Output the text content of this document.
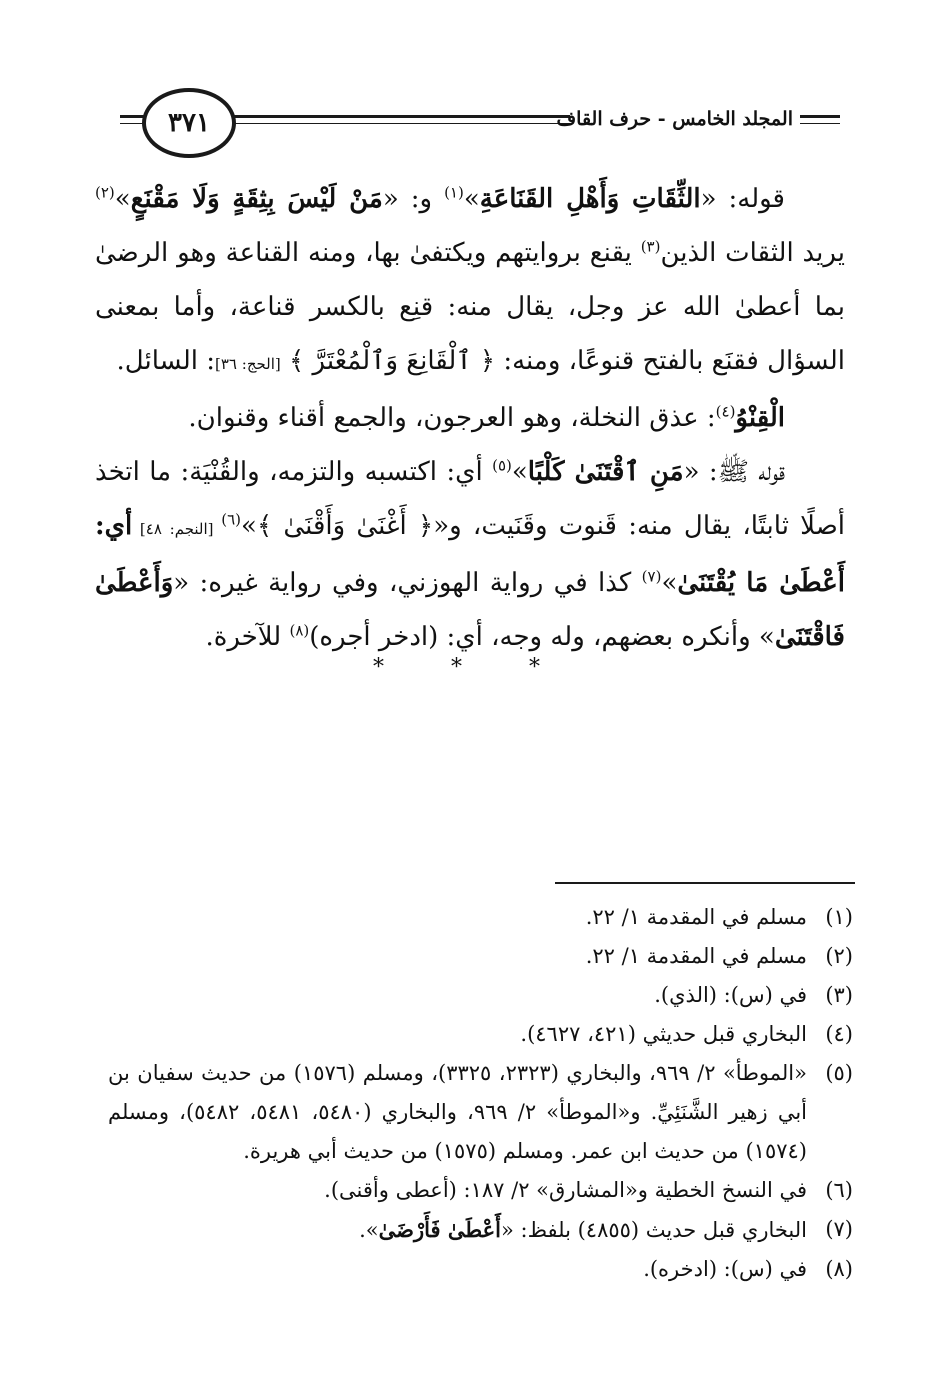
٣٧١	المجلد الخامس - حرف القاف

قوله: «الثِّقَاتِ وَأَهْلِ القَنَاعَةِ»$^{(١)}$ و: «مَنْ لَيْسَ بِثِقَةٍ وَلَا مَقْنَعٍ»$^{(٢)}$ يريد الثقات الذين$^{(٣)}$ يقنع بروايتهم ويكتفىٰ بها، ومنه القناعة وهو الرضىٰ بما أعطىٰ الله عز وجل، يقال منه: قنِع بالكسر قناعة، وأما بمعنى السؤال فقنَع بالفتح قنوعًا، ومنه: ﴿ ٱلْقَانِعَ وَٱلْمُعْتَرَّ ﴾ [الحج: ٣٦]: السائل.

الْقِنْوُ$^{(٤)}$: عذق النخلة، وهو العرجون، والجمع أقناء وقنوان.

قوله ﷺ: «مَنِ ٱقْتَنَىٰ كَلْبًا»$^{(٥)}$ أي: اكتسبه والتزمه، والقُنْيَة: ما اتخذ أصلًا ثابتًا، يقال منه: قَنوت وقَنَيت، و«﴿ أَغْنَىٰ وَأَقْنَىٰ ﴾»$^{(٦)}$ [النجم: ٤٨] أي: أَعْطَىٰ مَا يُقْتَنَىٰ»$^{(٧)}$ كذا في رواية الهوزني، وفي رواية غيره: «وَأَعْطَىٰ فَاقْتَنَىٰ» وأنكره بعضهم، وله وجه، أي: (ادخر أجره)$^{(٨)}$ للآخرة.

* * *
(١)
مسلم في المقدمة ١/ ٢٢.
(٢)
مسلم في المقدمة ١/ ٢٢.
(٣)
في (س): (الذي).
(٤)
البخاري قبل حديثي (٤٢١، ٤٦٢٧).
(٥)
«الموطأ» ٢/ ٩٦٩، والبخاري (٢٣٢٣، ٣٣٢٥)، ومسلم (١٥٧٦) من حديث سفيان بن أبي زهير الشَّنَئِيِّ. و«الموطأ» ٢/ ٩٦٩، والبخاري (٥٤٨٠، ٥٤٨١، ٥٤٨٢)، ومسلم (١٥٧٤) من حديث ابن عمر. ومسلم (١٥٧٥) من حديث أبي هريرة.
(٦)
في النسخ الخطية و«المشارق» ٢/ ١٨٧: (أعطى وأقنى).
(٧)
البخاري قبل حديث (٤٨٥٥) بلفظ: «أَعْطَىٰ فَأَرْضَىٰ».
(٨)
في (س): (ادخره).
